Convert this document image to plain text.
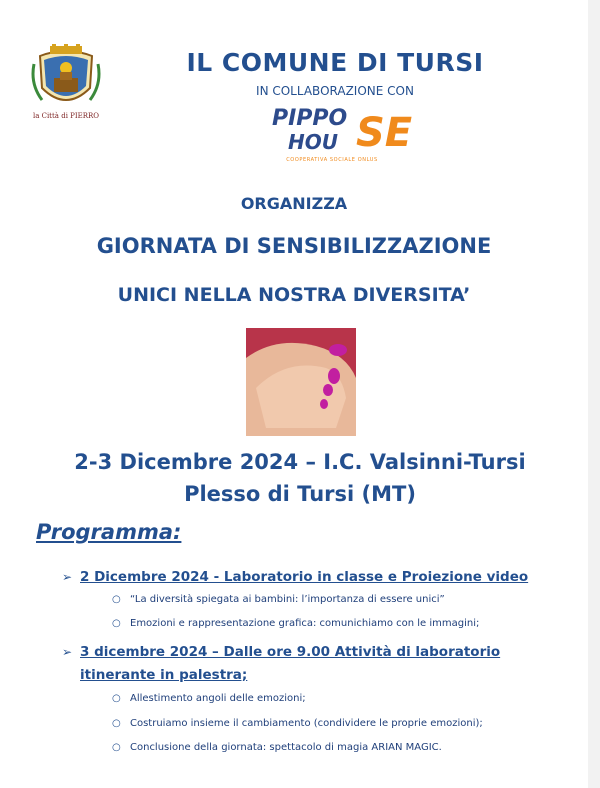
la Città di PIERRO
IL COMUNE DI TURSI
IN COLLABORAZIONE CON
PIPPO
HOU SE
COOPERATIVA SOCIALE ONLUS
ORGANIZZA
GIORNATA DI SENSIBILIZZAZIONE
UNICI NELLA NOSTRA DIVERSITA’
2-3 Dicembre 2024 – I.C. Valsinni-Tursi
Plesso di Tursi (MT)
Programma:
➢ 2 Dicembre 2024 - Laboratorio in classe e Proiezione video
○ “La diversità spiegata ai bambini: l’importanza di essere unici”
○ Emozioni e rappresentazione grafica: comunichiamo con le immagini;
➢ 3 dicembre 2024 – Dalle ore 9.00 Attività di laboratorio
itinerante in palestra;
○ Allestimento angoli delle emozioni;
○ Costruiamo insieme il cambiamento (condividere le proprie emozioni);
○ Conclusione della giornata: spettacolo di magia ARIAN MAGIC.
